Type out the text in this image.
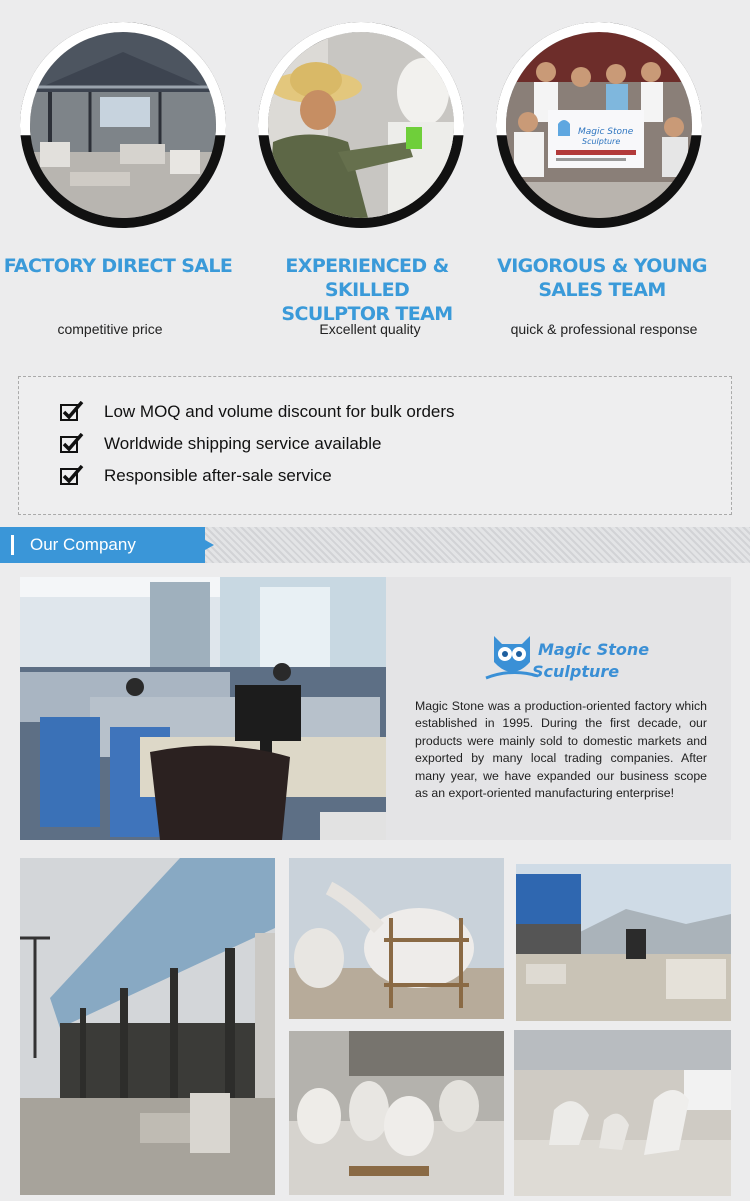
Magic Stone
Sculpture
FACTORY DIRECT SALE	EXPERIENCED & SKILLED
SCULPTOR TEAM
VIGOROUS & YOUNG
SALES TEAM
competitive price	Excellent quality	quick & professional response
Low MOQ and volume discount for bulk orders
Worldwide shipping service available
Responsible after-sale service
Our Company
Magic Stone
Sculpture
Magic Stone was a production-oriented factory which established in 1995. During the first decade, our products were mainly sold to domestic markets and exported by many local trading companies. After many year, we have expanded our business scope as an export-oriented manufacturing enterprise!
